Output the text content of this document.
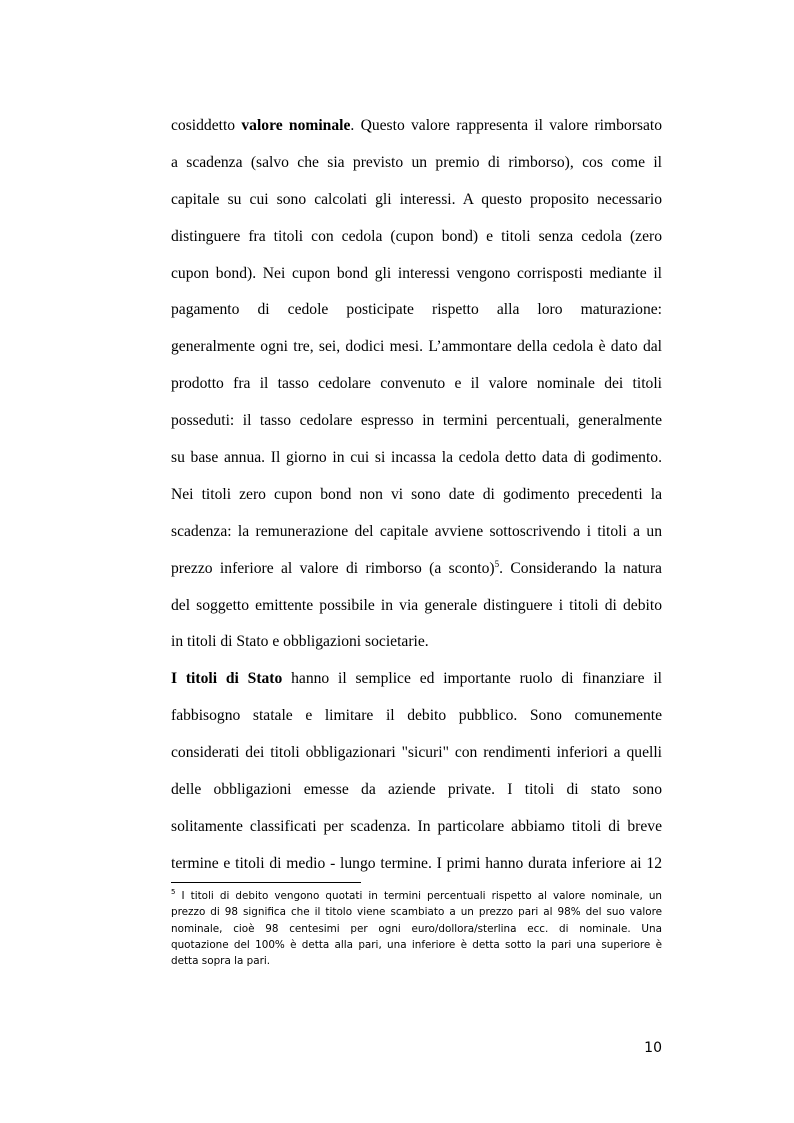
cosiddetto valore nominale. Questo valore rappresenta il valore rimborsato
a scadenza (salvo che sia previsto un premio di rimborso), cos come il
capitale su cui sono calcolati gli interessi. A questo proposito necessario
distinguere fra titoli con cedola (cupon bond) e titoli senza cedola (zero
cupon bond). Nei cupon bond gli interessi vengono corrisposti mediante il
pagamento di cedole posticipate rispetto alla loro maturazione:
generalmente ogni tre, sei, dodici mesi. L’ammontare della cedola è dato dal
prodotto fra il tasso cedolare convenuto e il valore nominale dei titoli
posseduti: il tasso cedolare espresso in termini percentuali, generalmente
su base annua. Il giorno in cui si incassa la cedola detto data di godimento.
Nei titoli zero cupon bond non vi sono date di godimento precedenti la
scadenza: la remunerazione del capitale avviene sottoscrivendo i titoli a un
prezzo inferiore al valore di rimborso (a sconto)$^5$. Considerando la natura
del soggetto emittente possibile in via generale distinguere i titoli di debito
in titoli di Stato e obbligazioni societarie.
I titoli di Stato hanno il semplice ed importante ruolo di finanziare il
fabbisogno statale e limitare il debito pubblico. Sono comunemente
considerati dei titoli obbligazionari "sicuri" con rendimenti inferiori a quelli
delle obbligazioni emesse da aziende private. I titoli di stato sono
solitamente classificati per scadenza. In particolare abbiamo titoli di breve
termine e titoli di medio - lungo termine. I primi hanno durata inferiore ai 12
$^5$ I titoli di debito vengono quotati in termini percentuali rispetto al valore nominale, un
prezzo di 98 significa che il titolo viene scambiato a un prezzo pari al 98% del suo valore
nominale, cioè 98 centesimi per ogni euro/dollora/sterlina ecc. di nominale. Una
quotazione del 100% è detta alla pari, una inferiore è detta sotto la pari una superiore è
detta sopra la pari.
10
